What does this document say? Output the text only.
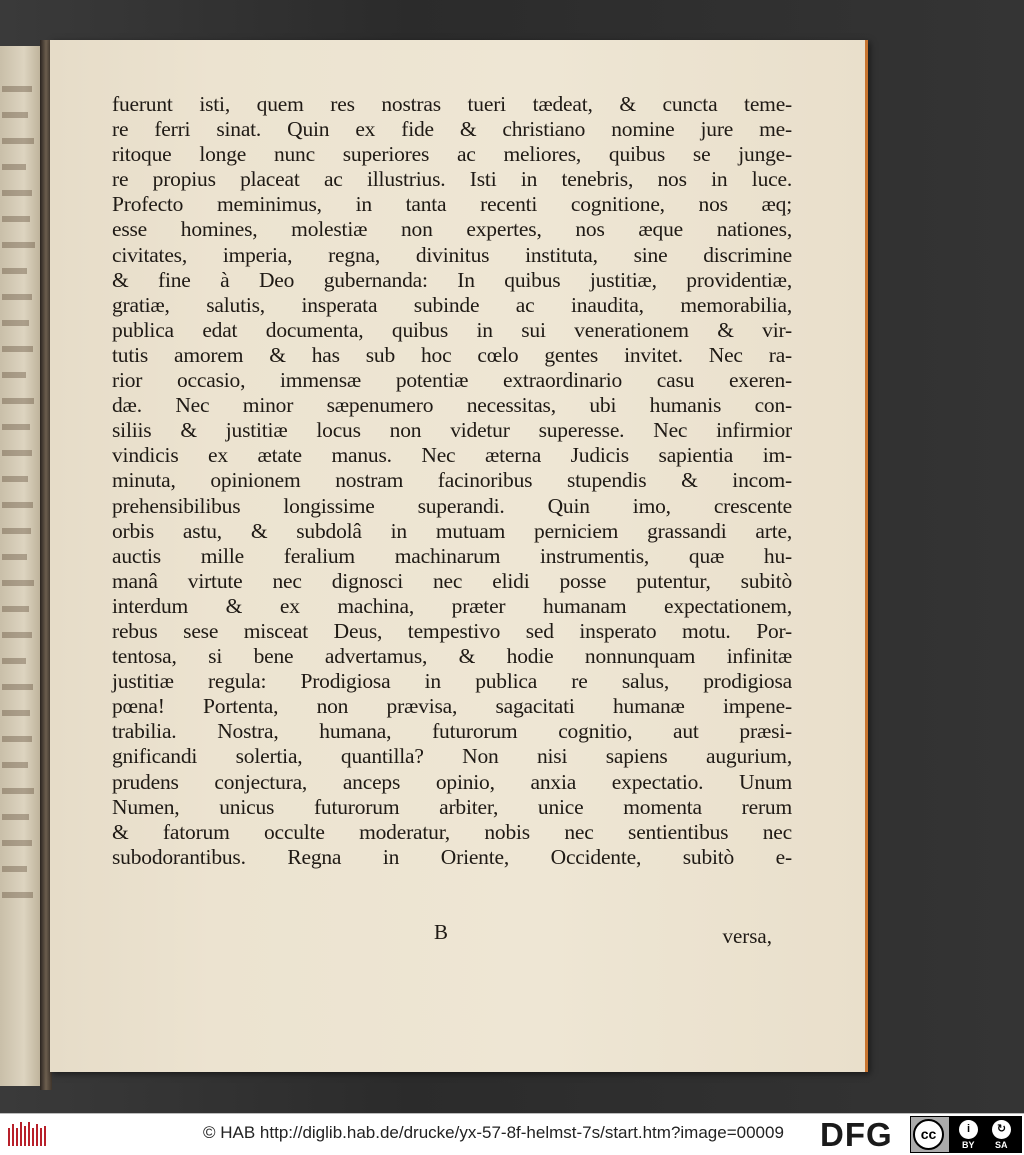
fuerunt isti, quem res nostras tueri tædeat, & cuncta teme-
re ferri sinat. Quin ex fide & christiano nomine jure me-
ritoque longe nunc superiores ac meliores, quibus se junge-
re propius placeat ac illustrius. Isti in tenebris, nos in luce.
Profecto meminimus, in tanta recenti cognitione, nos æq;
esse homines, molestiæ non expertes, nos æque nationes,
civitates, imperia, regna, divinitus instituta, sine discrimine
& fine à Deo gubernanda: In quibus justitiæ, providentiæ,
gratiæ, salutis, insperata subinde ac inaudita, memorabilia,
publica edat documenta, quibus in sui venerationem & vir-
tutis amorem & has sub hoc cœlo gentes invitet. Nec ra-
rior occasio, immensæ potentiæ extraordinario casu exeren-
dæ. Nec minor sæpenumero necessitas, ubi humanis con-
siliis & justitiæ locus non videtur superesse. Nec infirmior
vindicis ex ætate manus. Nec æterna Judicis sapientia im-
minuta, opinionem nostram facinoribus stupendis & incom-
prehensibilibus longissime superandi. Quin imo, crescente
orbis astu, & subdolâ in mutuam perniciem grassandi arte,
auctis mille feralium machinarum instrumentis, quæ hu-
manâ virtute nec dignosci nec elidi posse putentur, subitò
interdum & ex machina, præter humanam expectationem,
rebus sese misceat Deus, tempestivo sed insperato motu. Por-
tentosa, si bene advertamus, & hodie nonnunquam infinitæ
justitiæ regula: Prodigiosa in publica re salus, prodigiosa
pœna! Portenta, non prævisa, sagacitati humanæ impene-
trabilia. Nostra, humana, futurorum cognitio, aut præsi-
gnificandi solertia, quantilla? Non nisi sapiens augurium,
prudens conjectura, anceps opinio, anxia expectatio. Unum
Numen, unicus futurorum arbiter, unice momenta rerum
& fatorum occulte moderatur, nobis nec sentientibus nec
subodorantibus. Regna in Oriente, Occidente, subitò e-
B	versa,
© HAB http://diglib.hab.de/drucke/yx-57-8f-helmst-7s/start.htm?image=00009 DFG	cc	i	↻
BY SA
